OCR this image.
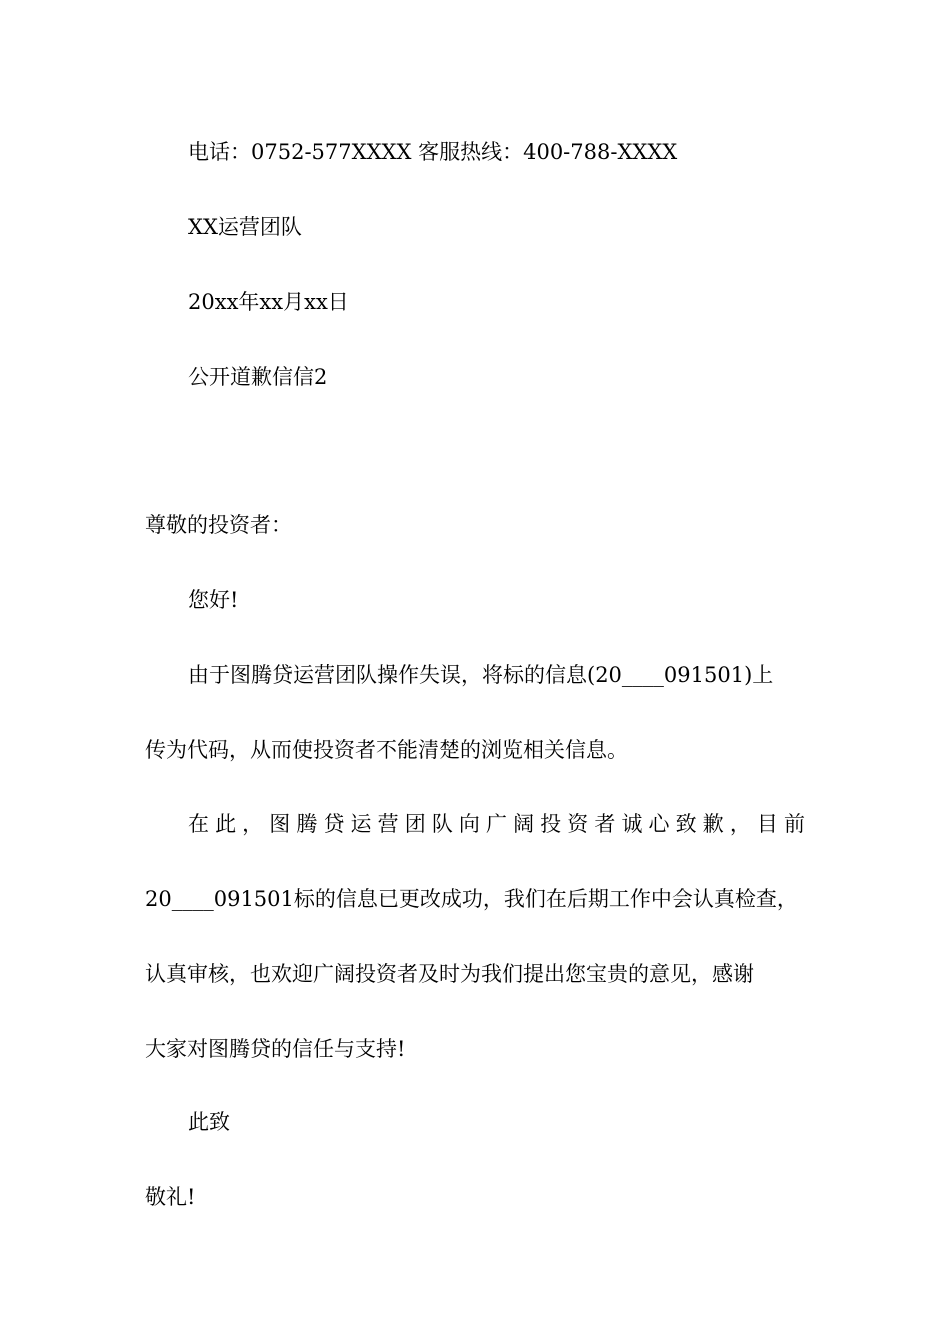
电话：0752-577XXXX 客服热线：400-788-XXXX
XX运营团队
20xx年xx月xx日
公开道歉信信2
尊敬的投资者：
您好!
由于图腾贷运营团队操作失误，将标的信息(20____091501)上
传为代码，从而使投资者不能清楚的浏览相关信息。
在此，图腾贷运营团队向广阔投资者诚心致歉，目前
20____091501标的信息已更改成功，我们在后期工作中会认真检查，
认真审核，也欢迎广阔投资者及时为我们提出您宝贵的意见，感谢
大家对图腾贷的信任与支持!
此致
敬礼!
